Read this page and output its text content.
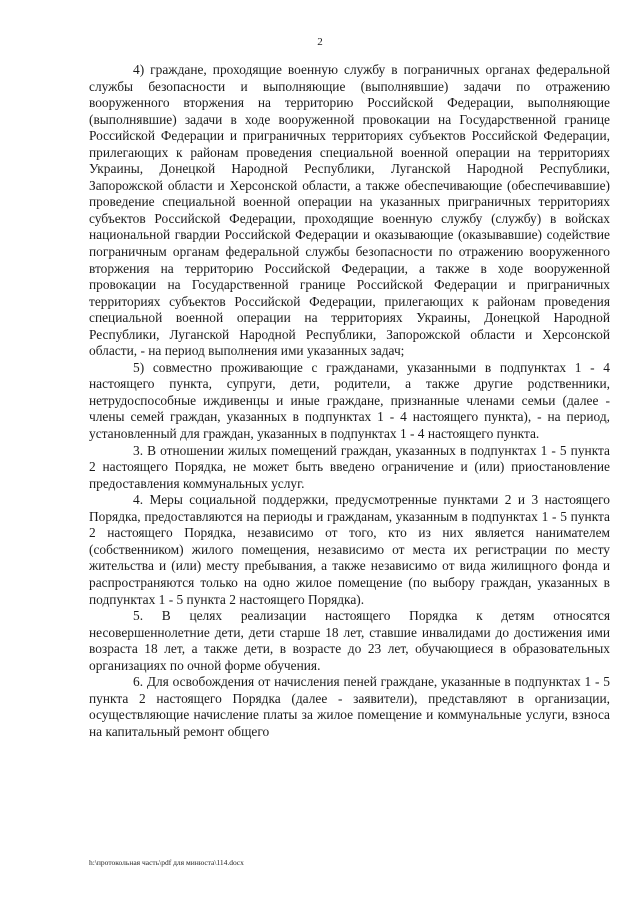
2

4) граждане, проходящие военную службу в пограничных органах федеральной службы безопасности и выполняющие (выполнявшие) задачи по отражению вооруженного вторжения на территорию Российской Федерации, выполняющие (выполнявшие) задачи в ходе вооруженной провокации на Государственной границе Российской Федерации и приграничных территориях субъектов Российской Федерации, прилегающих к районам проведения специальной военной операции на территориях Украины, Донецкой Народной Республики, Луганской Народной Республики, Запорожской области и Херсонской области, а также обеспечивающие (обеспечивавшие) проведение специальной военной операции на указанных приграничных территориях субъектов Российской Федерации, проходящие военную службу (службу) в войсках национальной гвардии Российской Федерации и оказывающие (оказывавшие) содействие пограничным органам федеральной службы безопасности по отражению вооруженного вторжения на территорию Российской Федерации, а также в ходе вооруженной провокации на Государственной границе Российской Федерации и приграничных территориях субъектов Российской Федерации, прилегающих к районам проведения специальной военной операции на территориях Украины, Донецкой Народной Республики, Луганской Народной Республики, Запорожской области и Херсонской области, - на период выполнения ими указанных задач;

5) совместно проживающие с гражданами, указанными в подпунктах 1 - 4 настоящего пункта, супруги, дети, родители, а также другие родственники, нетрудоспособные иждивенцы и иные граждане, признанные членами семьи (далее - члены семей граждан, указанных в подпунктах 1 - 4 настоящего пункта), - на период, установленный для граждан, указанных в подпунктах 1 - 4 настоящего пункта.

3. В отношении жилых помещений граждан, указанных в подпунктах 1 - 5 пункта 2 настоящего Порядка, не может быть введено ограничение и (или) приостановление предоставления коммунальных услуг.

4. Меры социальной поддержки, предусмотренные пунктами 2 и 3 настоящего Порядка, предоставляются на периоды и гражданам, указанным в подпунктах 1 - 5 пункта 2 настоящего Порядка, независимо от того, кто из них является нанимателем (собственником) жилого помещения, независимо от места их регистрации по месту жительства и (или) месту пребывания, а также независимо от вида жилищного фонда и распространяются только на одно жилое помещение (по выбору граждан, указанных в подпунктах 1 - 5 пункта 2 настоящего Порядка).

5. В целях реализации настоящего Порядка к детям относятся несовершеннолетние дети, дети старше 18 лет, ставшие инвалидами до достижения ими возраста 18 лет, а также дети, в возрасте до 23 лет, обучающиеся в образовательных организациях по очной форме обучения.

6. Для освобождения от начисления пеней граждане, указанные в подпунктах 1 - 5 пункта 2 настоящего Порядка (далее - заявители), представляют в организации, осуществляющие начисление платы за жилое помещение и коммунальные услуги, взноса на капитальный ремонт общего

h:\протокольная часть\pdf для минюста\114.docx
